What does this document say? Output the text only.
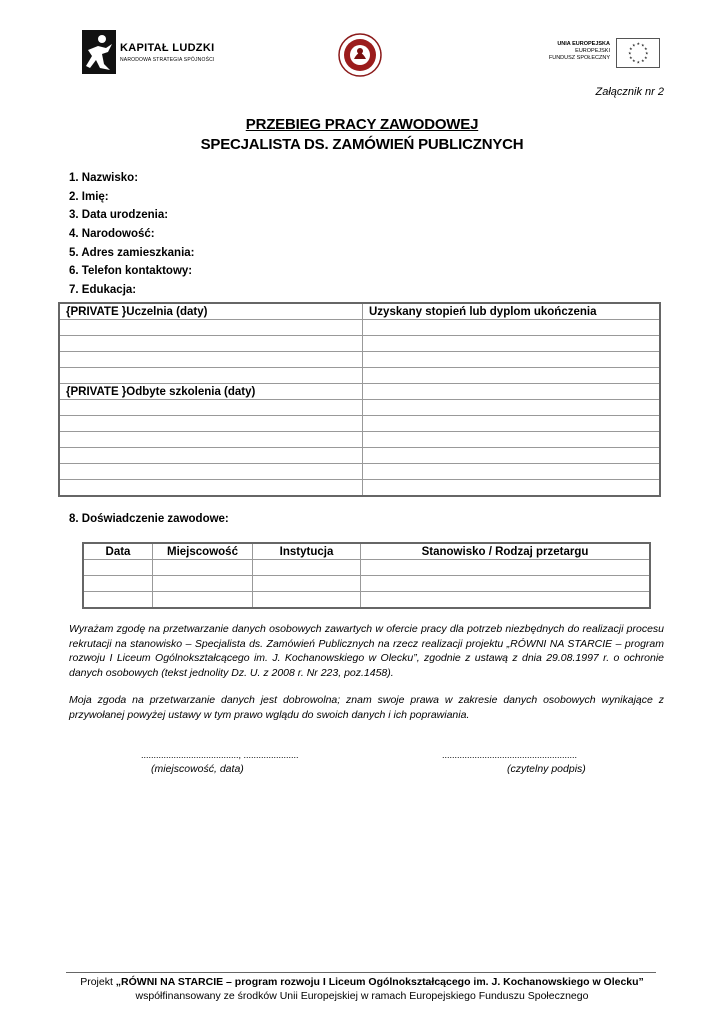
KAPITAŁ LUDZKI
NARODOWA STRATEGIA SPÓJNOŚCI
UNIA EUROPEJSKA
EUROPEJSKI
FUNDUSZ SPOŁECZNY
★ ★
★
★
★
★
★
★
★
★
★
★
Załącznik nr 2
PRZEBIEG PRACY ZAWODOWEJ
SPECJALISTA DS. ZAMÓWIEŃ PUBLICZNYCH
1. Nazwisko:
2. Imię:
3. Data urodzenia:
4. Narodowość:
5. Adres zamieszkania:
6. Telefon kontaktowy:
7. Edukacja:
{PRIVATE }Uczelnia (daty)	Uzyskany stopień lub dyplom ukończenia

{PRIVATE }Odbyte szkolenia (daty)	

8. Doświadczenie zawodowe:
Data	Miejscowość	Instytucja	Stanowisko / Rodzaj przetargu

Wyrażam zgodę na przetwarzanie danych osobowych zawartych w ofercie pracy dla potrzeb niezbędnych do realizacji procesu rekrutacji na stanowisko – Specjalista ds. Zamówień Publicznych na rzecz realizacji projektu „RÓWNI NA STARCIE – program rozwoju I Liceum Ogólnokształcącego im. J. Kochanowskiego w Olecku”, zgodnie z ustawą z dnia 29.08.1997 r. o ochronie danych osobowych (tekst jednolity Dz. U. z 2008 r. Nr 223, poz.1458).
Moja zgoda na przetwarzanie danych jest dobrowolna; znam swoje prawa w zakresie danych osobowych wynikające z przywołanej powyżej ustawy w tym prawo wglądu do swoich danych i ich poprawiania.
......................................., ......................
(miejscowość, data)
......................................................
(czytelny podpis)
Projekt „RÓWNI NA STARCIE – program rozwoju I Liceum Ogólnokształcącego im. J. Kochanowskiego w Olecku”
współfinansowany ze środków Unii Europejskiej w ramach Europejskiego Funduszu Społecznego
